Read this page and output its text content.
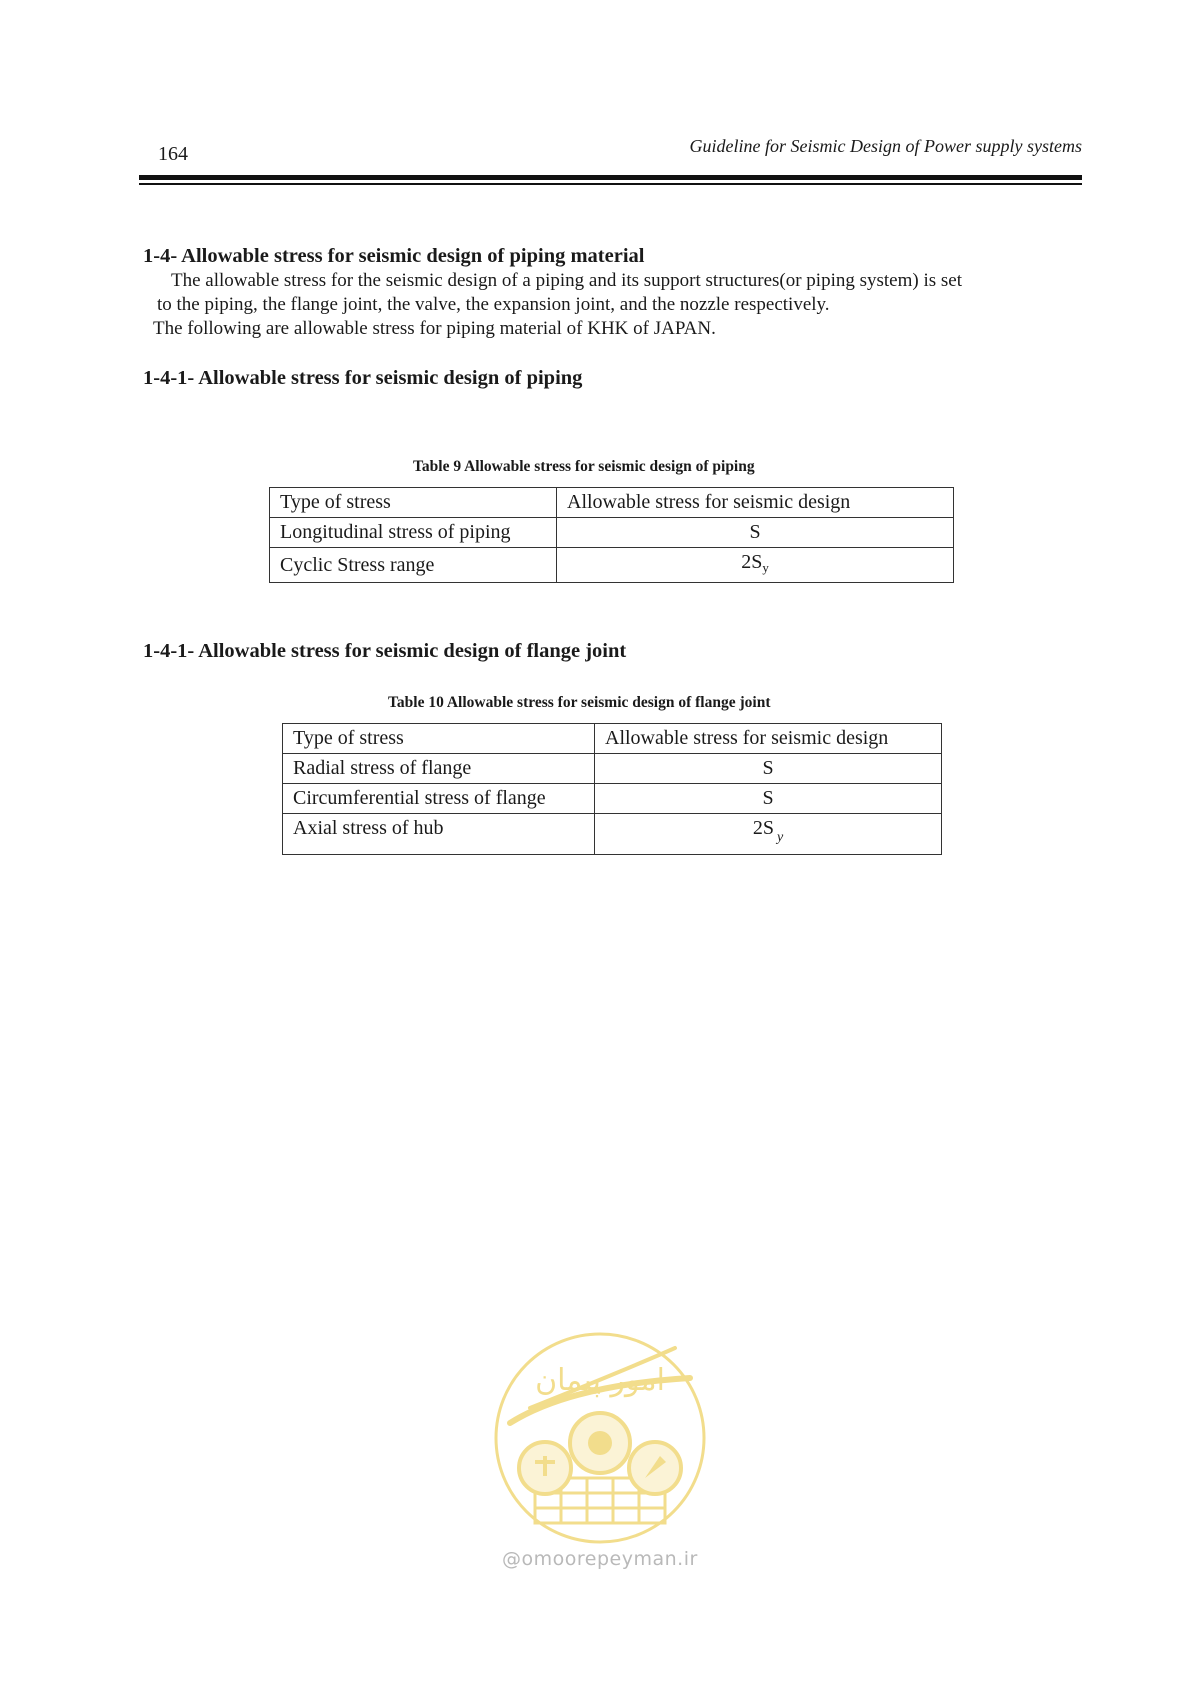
164	Guideline for Seismic Design of Power supply systems
1-4- Allowable stress for seismic design of piping material
The allowable stress for the seismic design of a piping and its support structures(or piping system) is set
to the piping, the flange joint, the valve, the expansion joint, and the nozzle respectively.
The following are allowable stress for piping material of KHK of JAPAN.
1-4-1- Allowable stress for seismic design of piping
Table 9 Allowable stress for seismic design of piping
Type of stress	Allowable stress for seismic design
Longitudinal stress of piping	S
Cyclic Stress range	$2S_y$
1-4-1- Allowable stress for seismic design of flange joint
Table 10 Allowable stress for seismic design of flange joint
Type of stress	Allowable stress for seismic design
Radial stress of flange	S
Circumferential stress of flange	S
Axial stress of hub	2S $_y$
امور پیمان
@omoorepeyman.ir
